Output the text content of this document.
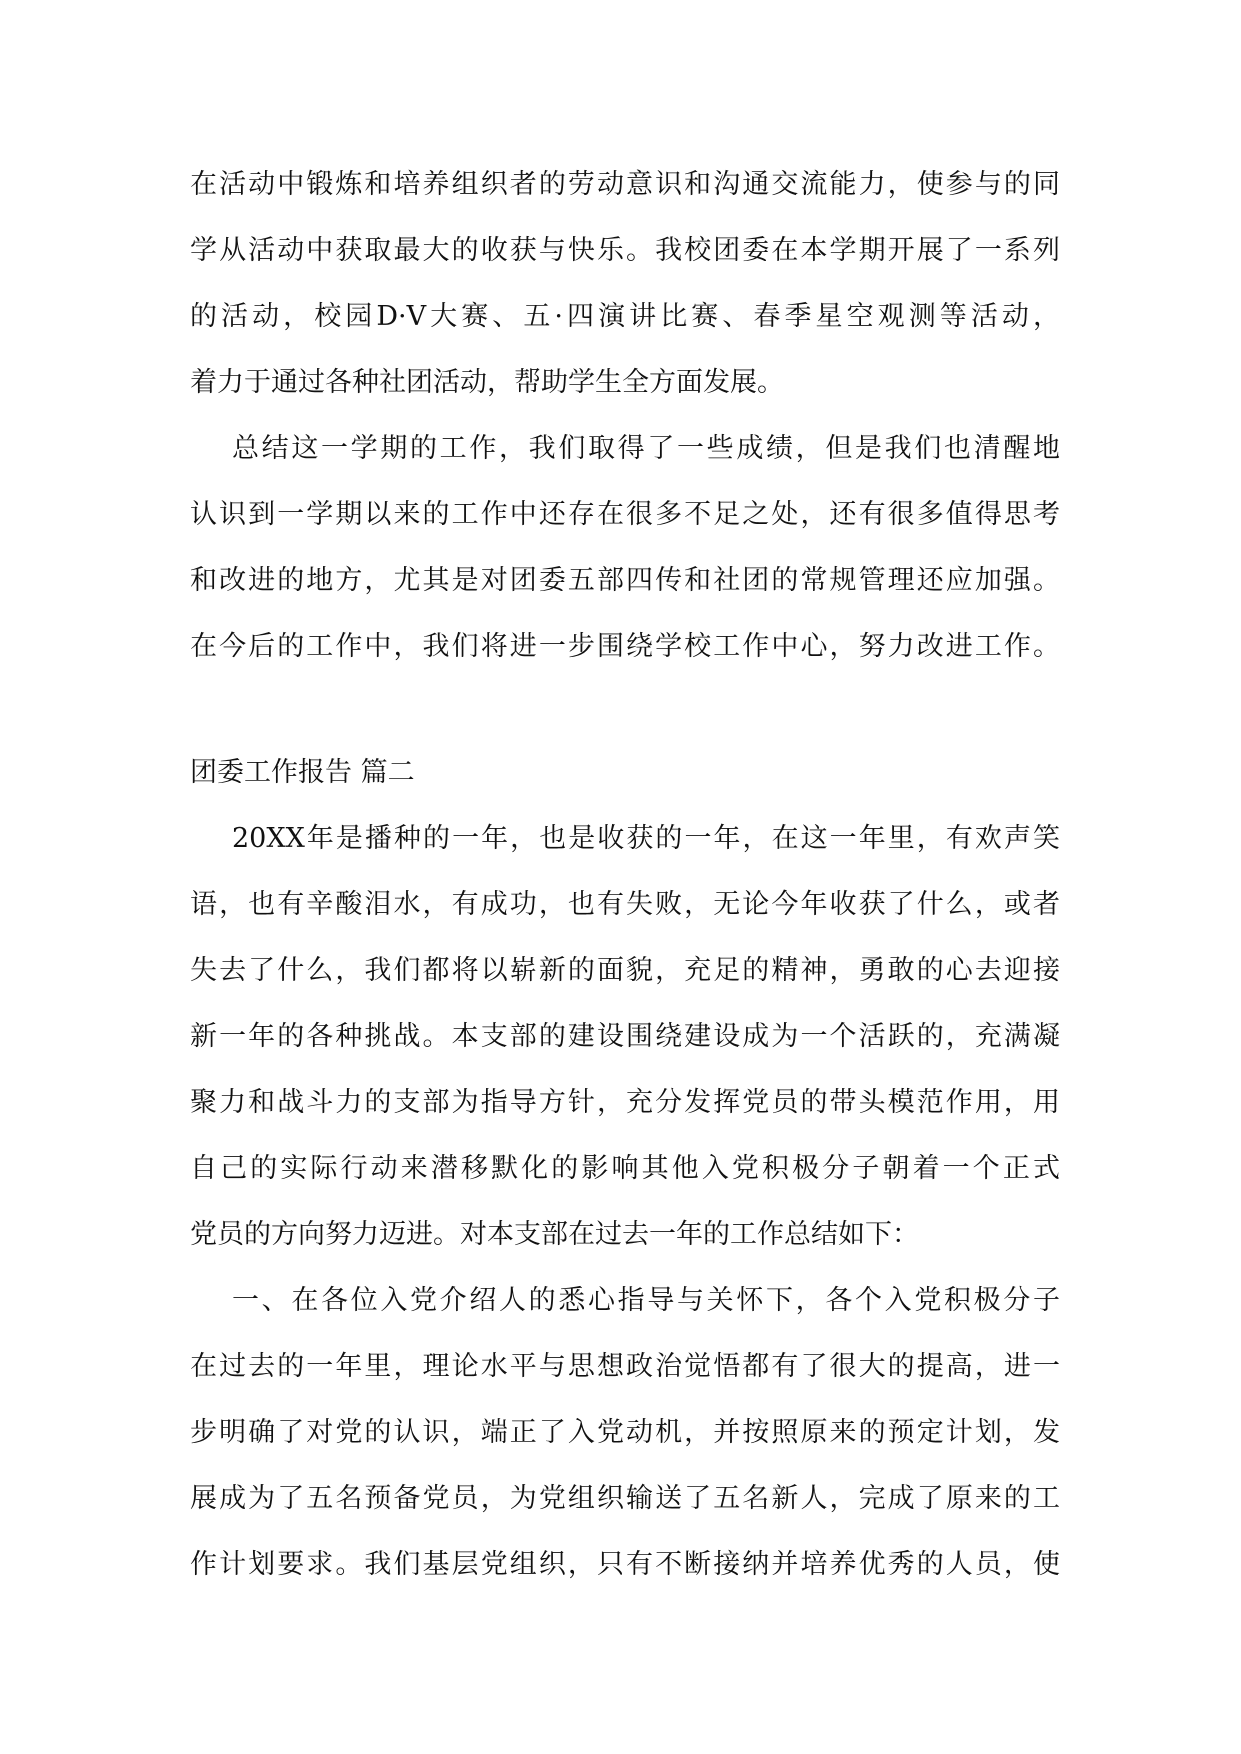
在活动中锻炼和培养组织者的劳动意识和沟通交流能力，使参与的同
学从活动中获取最大的收获与快乐。我校团委在本学期开展了一系列
的活动，校园D·V大赛、五·四演讲比赛、春季星空观测等活动，
着力于通过各种社团活动，帮助学生全方面发展。
总结这一学期的工作，我们取得了一些成绩，但是我们也清醒地
认识到一学期以来的工作中还存在很多不足之处，还有很多值得思考
和改进的地方，尤其是对团委五部四传和社团的常规管理还应加强。
在今后的工作中，我们将进一步围绕学校工作中心，努力改进工作。
团委工作报告 篇二
20XX年是播种的一年，也是收获的一年，在这一年里，有欢声笑
语，也有辛酸泪水，有成功，也有失败，无论今年收获了什么，或者
失去了什么，我们都将以崭新的面貌，充足的精神，勇敢的心去迎接
新一年的各种挑战。本支部的建设围绕建设成为一个活跃的，充满凝
聚力和战斗力的支部为指导方针，充分发挥党员的带头模范作用，用
自己的实际行动来潜移默化的影响其他入党积极分子朝着一个正式
党员的方向努力迈进。对本支部在过去一年的工作总结如下：
一、在各位入党介绍人的悉心指导与关怀下，各个入党积极分子
在过去的一年里，理论水平与思想政治觉悟都有了很大的提高，进一
步明确了对党的认识，端正了入党动机，并按照原来的预定计划，发
展成为了五名预备党员，为党组织输送了五名新人，完成了原来的工
作计划要求。我们基层党组织，只有不断接纳并培养优秀的人员，使
